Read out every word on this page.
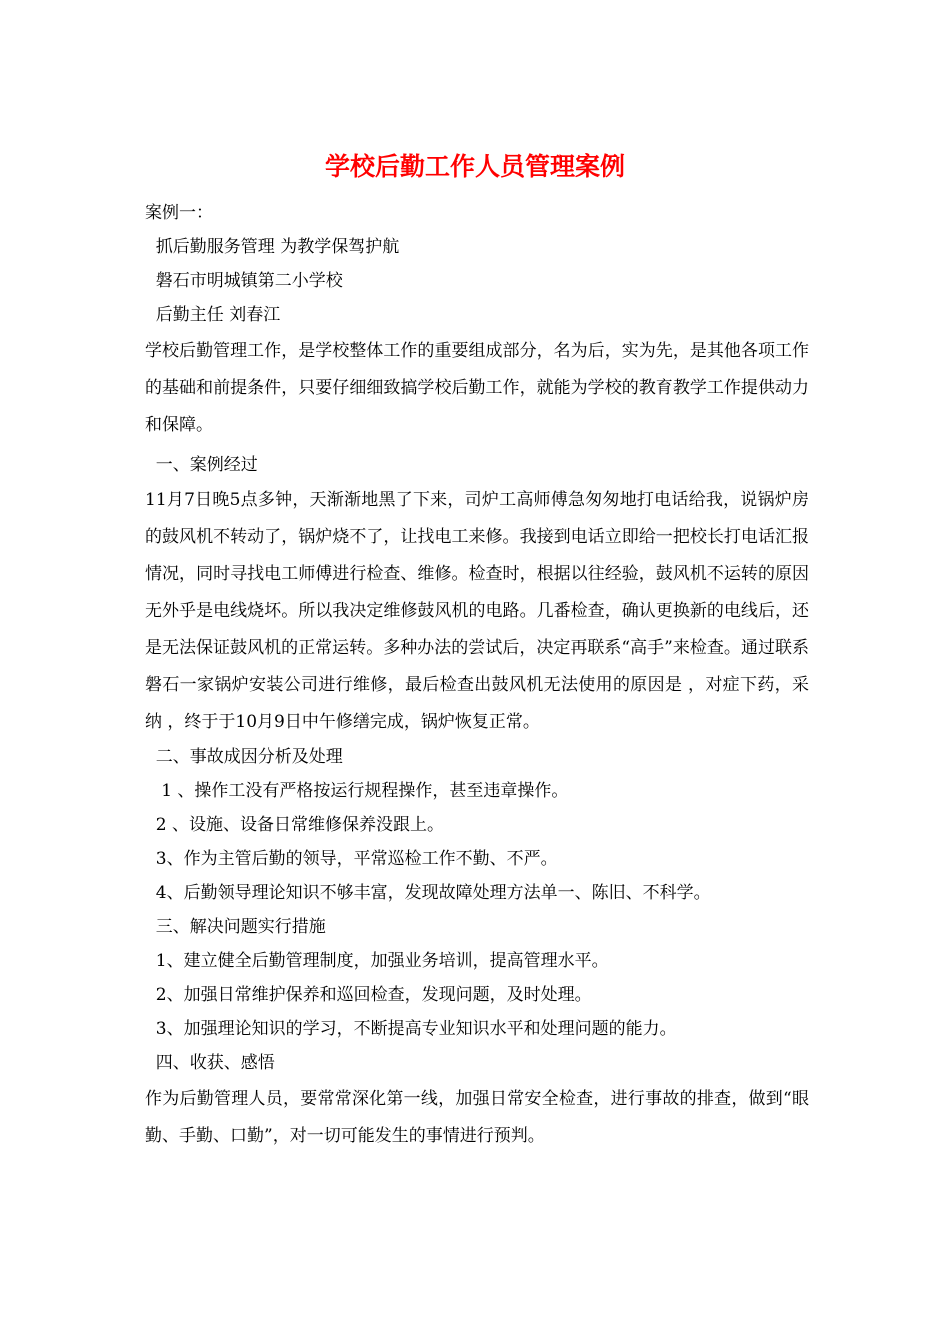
学校后勤工作人员管理案例
案例一：
抓后勤服务管理 为教学保驾护航
磐石市明城镇第二小学校
后勤主任 刘春江
学校后勤管理工作，是学校整体工作的重要组成部分，名为后，实为先，是其他各项工作的基础和前提条件，只要仔细细致搞学校后勤工作，就能为学校的教育教学工作提供动力和保障。
一、案例经过
11月7日晚5点多钟，天渐渐地黑了下来，司炉工高师傅急匆匆地打电话给我，说锅炉房的鼓风机不转动了，锅炉烧不了，让找电工来修。我接到电话立即给一把校长打电话汇报情况，同时寻找电工师傅进行检查、维修。检查时，根据以往经验，鼓风机不运转的原因无外乎是电线烧坏。所以我决定维修鼓风机的电路。几番检查，确认更换新的电线后，还是无法保证鼓风机的正常运转。多种办法的尝试后，决定再联系“高手”来检查。通过联系磐石一家锅炉安装公司进行维修，最后检查出鼓风机无法使用的原因是 ，对症下药，采纳 ，终于于10月9日中午修缮完成，锅炉恢复正常。
二、事故成因分析及处理
1 、操作工没有严格按运行规程操作，甚至违章操作。
2 、设施、设备日常维修保养没跟上。
3、作为主管后勤的领导，平常巡检工作不勤、不严。
4、后勤领导理论知识不够丰富，发现故障处理方法单一、陈旧、不科学。
三、解决问题实行措施
1、建立健全后勤管理制度，加强业务培训，提高管理水平。
2、加强日常维护保养和巡回检查，发现问题，及时处理。
3、加强理论知识的学习，不断提高专业知识水平和处理问题的能力。
四、收获、感悟
作为后勤管理人员，要常常深化第一线，加强日常安全检查，进行事故的排查，做到“眼勤、手勤、口勤”，对一切可能发生的事情进行预判。
